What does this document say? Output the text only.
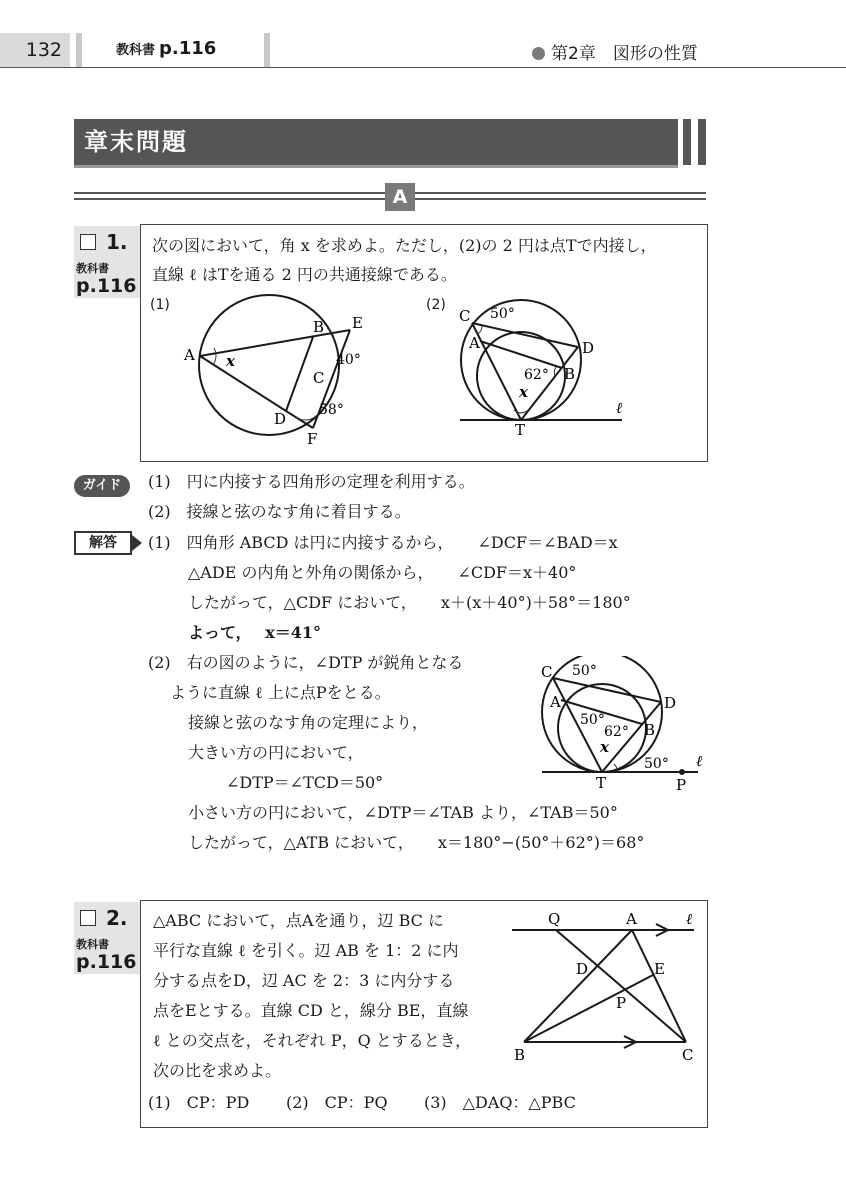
132	教科書 p.116	第2章　図形の性質
章末問題
A
1.
教科書
p.116
次の図において，角 x を求めよ。ただし，(2)の 2 円は点Tで内接し，
直線 ℓ はTを通る 2 円の共通接線である。
(1)	(2)
A
B E
C
D
F
x	40°
58°
C 50°
A	D
62° B
x
T
ℓ
ガイド	(1)　円に内接する四角形の定理を利用する。
(2)　接線と弦のなす角に着目する。
解答	(1)　四角形 ABCD は円に内接するから，　　∠DCF＝∠BAD＝x
△ADE の内角と外角の関係から，　　∠CDF＝x＋40°
したがって，△CDF において，　　x＋(x＋40°)＋58°＝180°
よって，　 x＝41°
(2)　右の図のように，∠DTP が鋭角となる
ように直線 ℓ 上に点Pをとる。
接線と弦のなす角の定理により，
大きい方の円において，
∠DTP＝∠TCD＝50°
小さい方の円において，∠DTP＝∠TAB より，∠TAB＝50°
したがって，△ATB において，　　x＝180°−(50°＋62°)＝68°
C 50°
A	D
50°
62° B
x
50° ℓ
T	P
2.
教科書
p.116
△ABC において，点Aを通り，辺 BC に
平行な直線 ℓ を引く。辺 AB を 1：2 に内
分する点をD，辺 AC を 2：3 に内分する
点をEとする。直線 CD と，線分 BE，直線
ℓ との交点を，それぞれ P，Q とするとき，
次の比を求めよ。
(1)　CP：PD (2)　CP：PQ (3)　△DAQ：△PBC
Q	A	ℓ
D	E
P
B	C
